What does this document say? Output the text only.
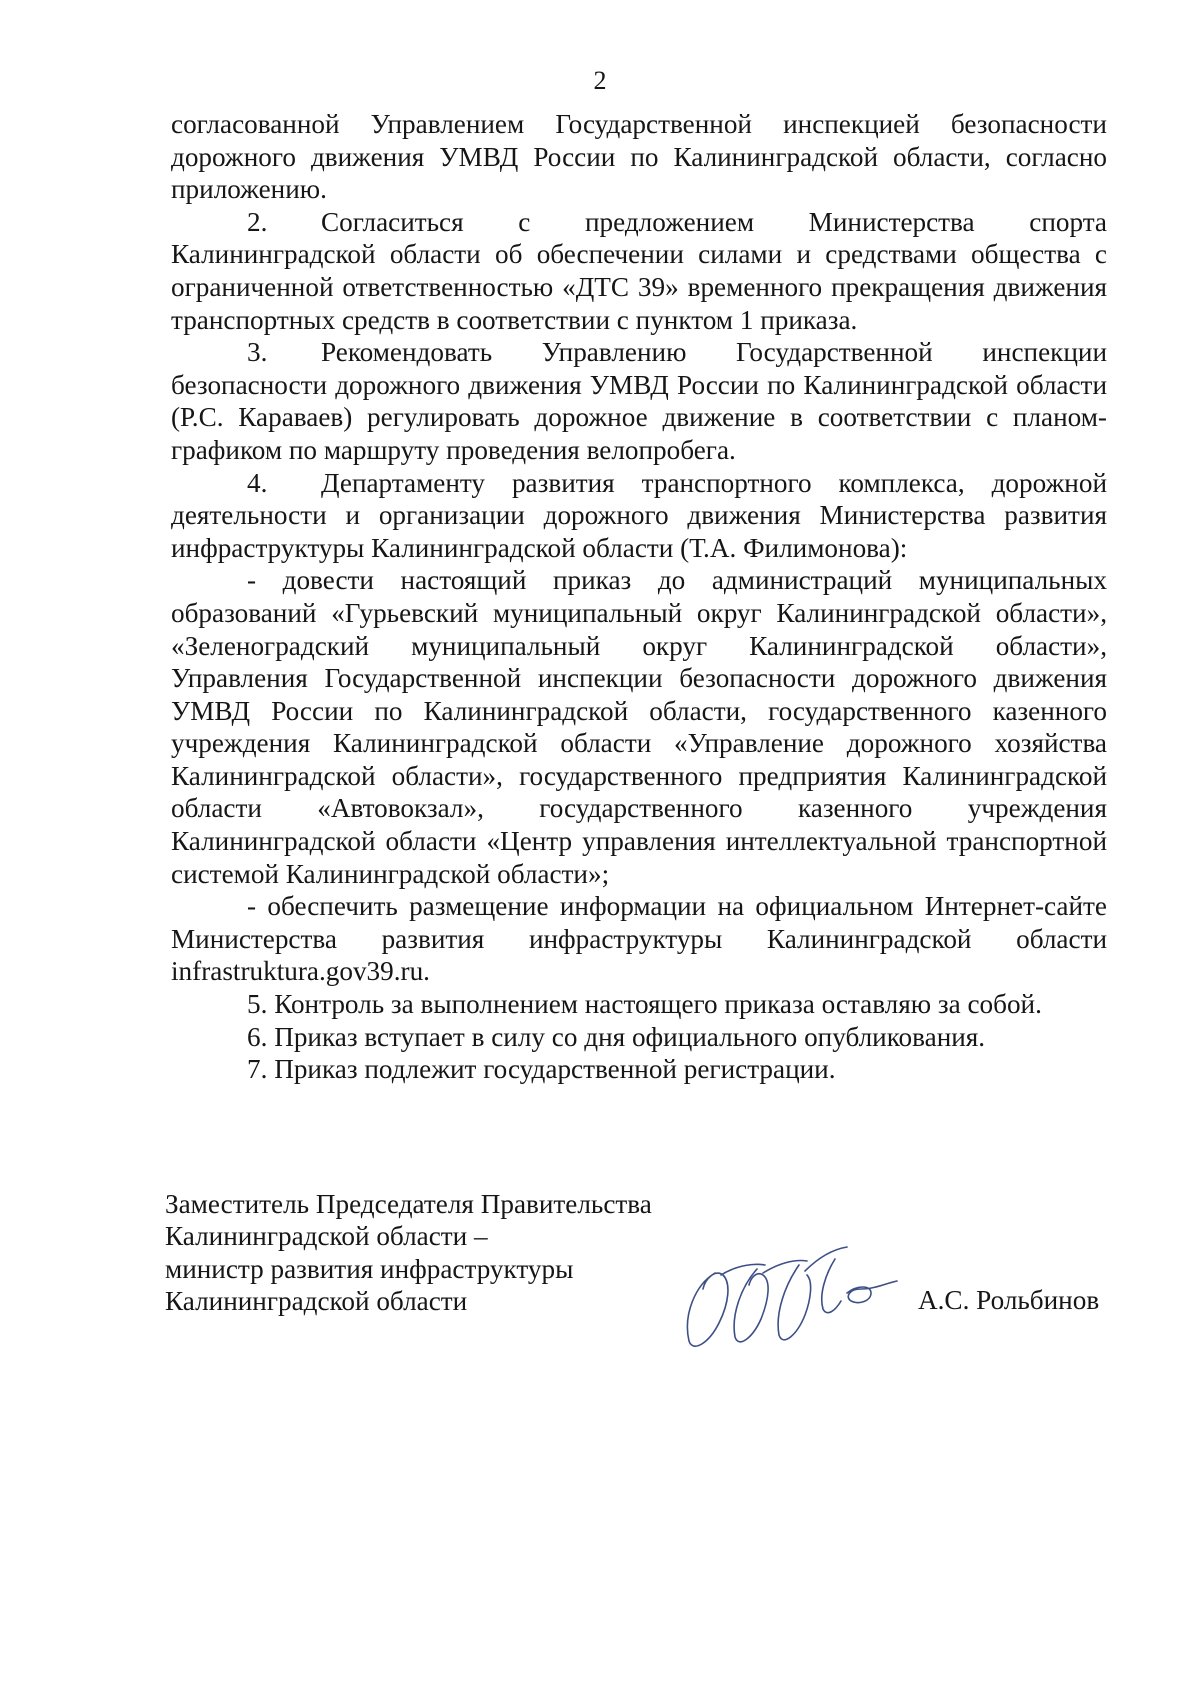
2

согласованной Управлением Государственной инспекцией безопасности дорожного движения УМВД России по Калининградской области, согласно приложению.

2. Согласиться с предложением Министерства спорта Калининградской области об обеспечении силами и средствами общества с ограниченной ответственностью «ДТС 39» временного прекращения движения транспортных средств в соответствии с пунктом 1 приказа.

3. Рекомендовать Управлению Государственной инспекции безопасности дорожного движения УМВД России по Калининградской области (Р.С. Караваев) регулировать дорожное движение в соответствии с планом-графиком по маршруту проведения велопробега.

4. Департаменту развития транспортного комплекса, дорожной деятельности и организации дорожного движения Министерства развития инфраструктуры Калининградской области (Т.А. Филимонова):

- довести настоящий приказ до администраций муниципальных образований «Гурьевский муниципальный округ Калининградской области», «Зеленоградский муниципальный округ Калининградской области», Управления Государственной инспекции безопасности дорожного движения УМВД России по Калининградской области, государственного казенного учреждения Калининградской области «Управление дорожного хозяйства Калининградской области», государственного предприятия Калининградской области «Автовокзал», государственного казенного учреждения Калининградской области «Центр управления интеллектуальной транспортной системой Калининградской области»;

- обеспечить размещение информации на официальном Интернет-сайте Министерства развития инфраструктуры Калининградской области infrastruktura.gov39.ru.

5. Контроль за выполнением настоящего приказа оставляю за собой.

6. Приказ вступает в силу со дня официального опубликования.

7. Приказ подлежит государственной регистрации.

Заместитель Председателя Правительства
Калининградской области –
министр развития инфраструктуры
Калининградской области	А.С. Рольбинов
